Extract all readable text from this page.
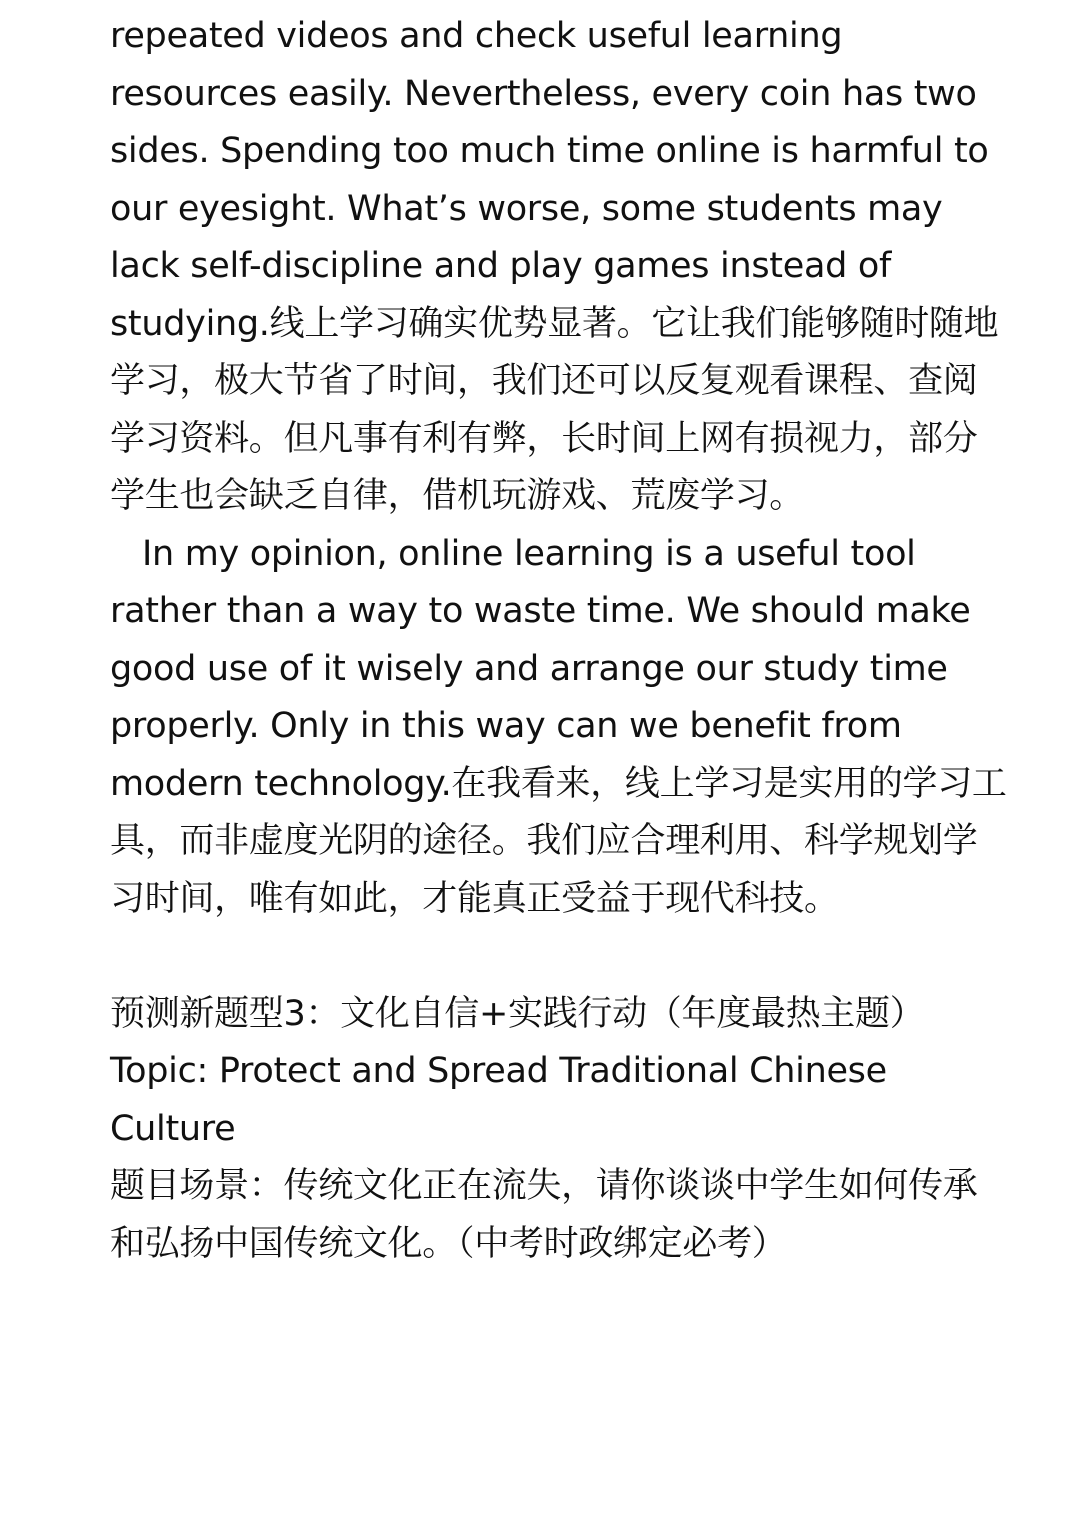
repeated videos and check useful learning resources easily. Nevertheless, every coin has two sides. Spending too much time online is harmful to our eyesight. What’s worse, some students may lack self-discipline and play games instead of studying.线上学习确实优势显著。它让我们能够随时随地学习，极大节省了时间，我们还可以反复观看课程、查阅学习资料。但凡事有利有弊，长时间上网有损视力，部分学生也会缺乏自律，借机玩游戏、荒废学习。

In my opinion, online learning is a useful tool rather than a way to waste time. We should make good use of it wisely and arrange our study time properly. Only in this way can we benefit from modern technology.在我看来，线上学习是实用的学习工具，而非虚度光阴的途径。我们应合理利用、科学规划学习时间，唯有如此，才能真正受益于现代科技。

预测新题型3：文化自信+实践行动（年度最热主题）

Topic: Protect and Spread Traditional Chinese Culture

题目场景：传统文化正在流失，请你谈谈中学生如何传承和弘扬中国传统文化。（中考时政绑定必考）
